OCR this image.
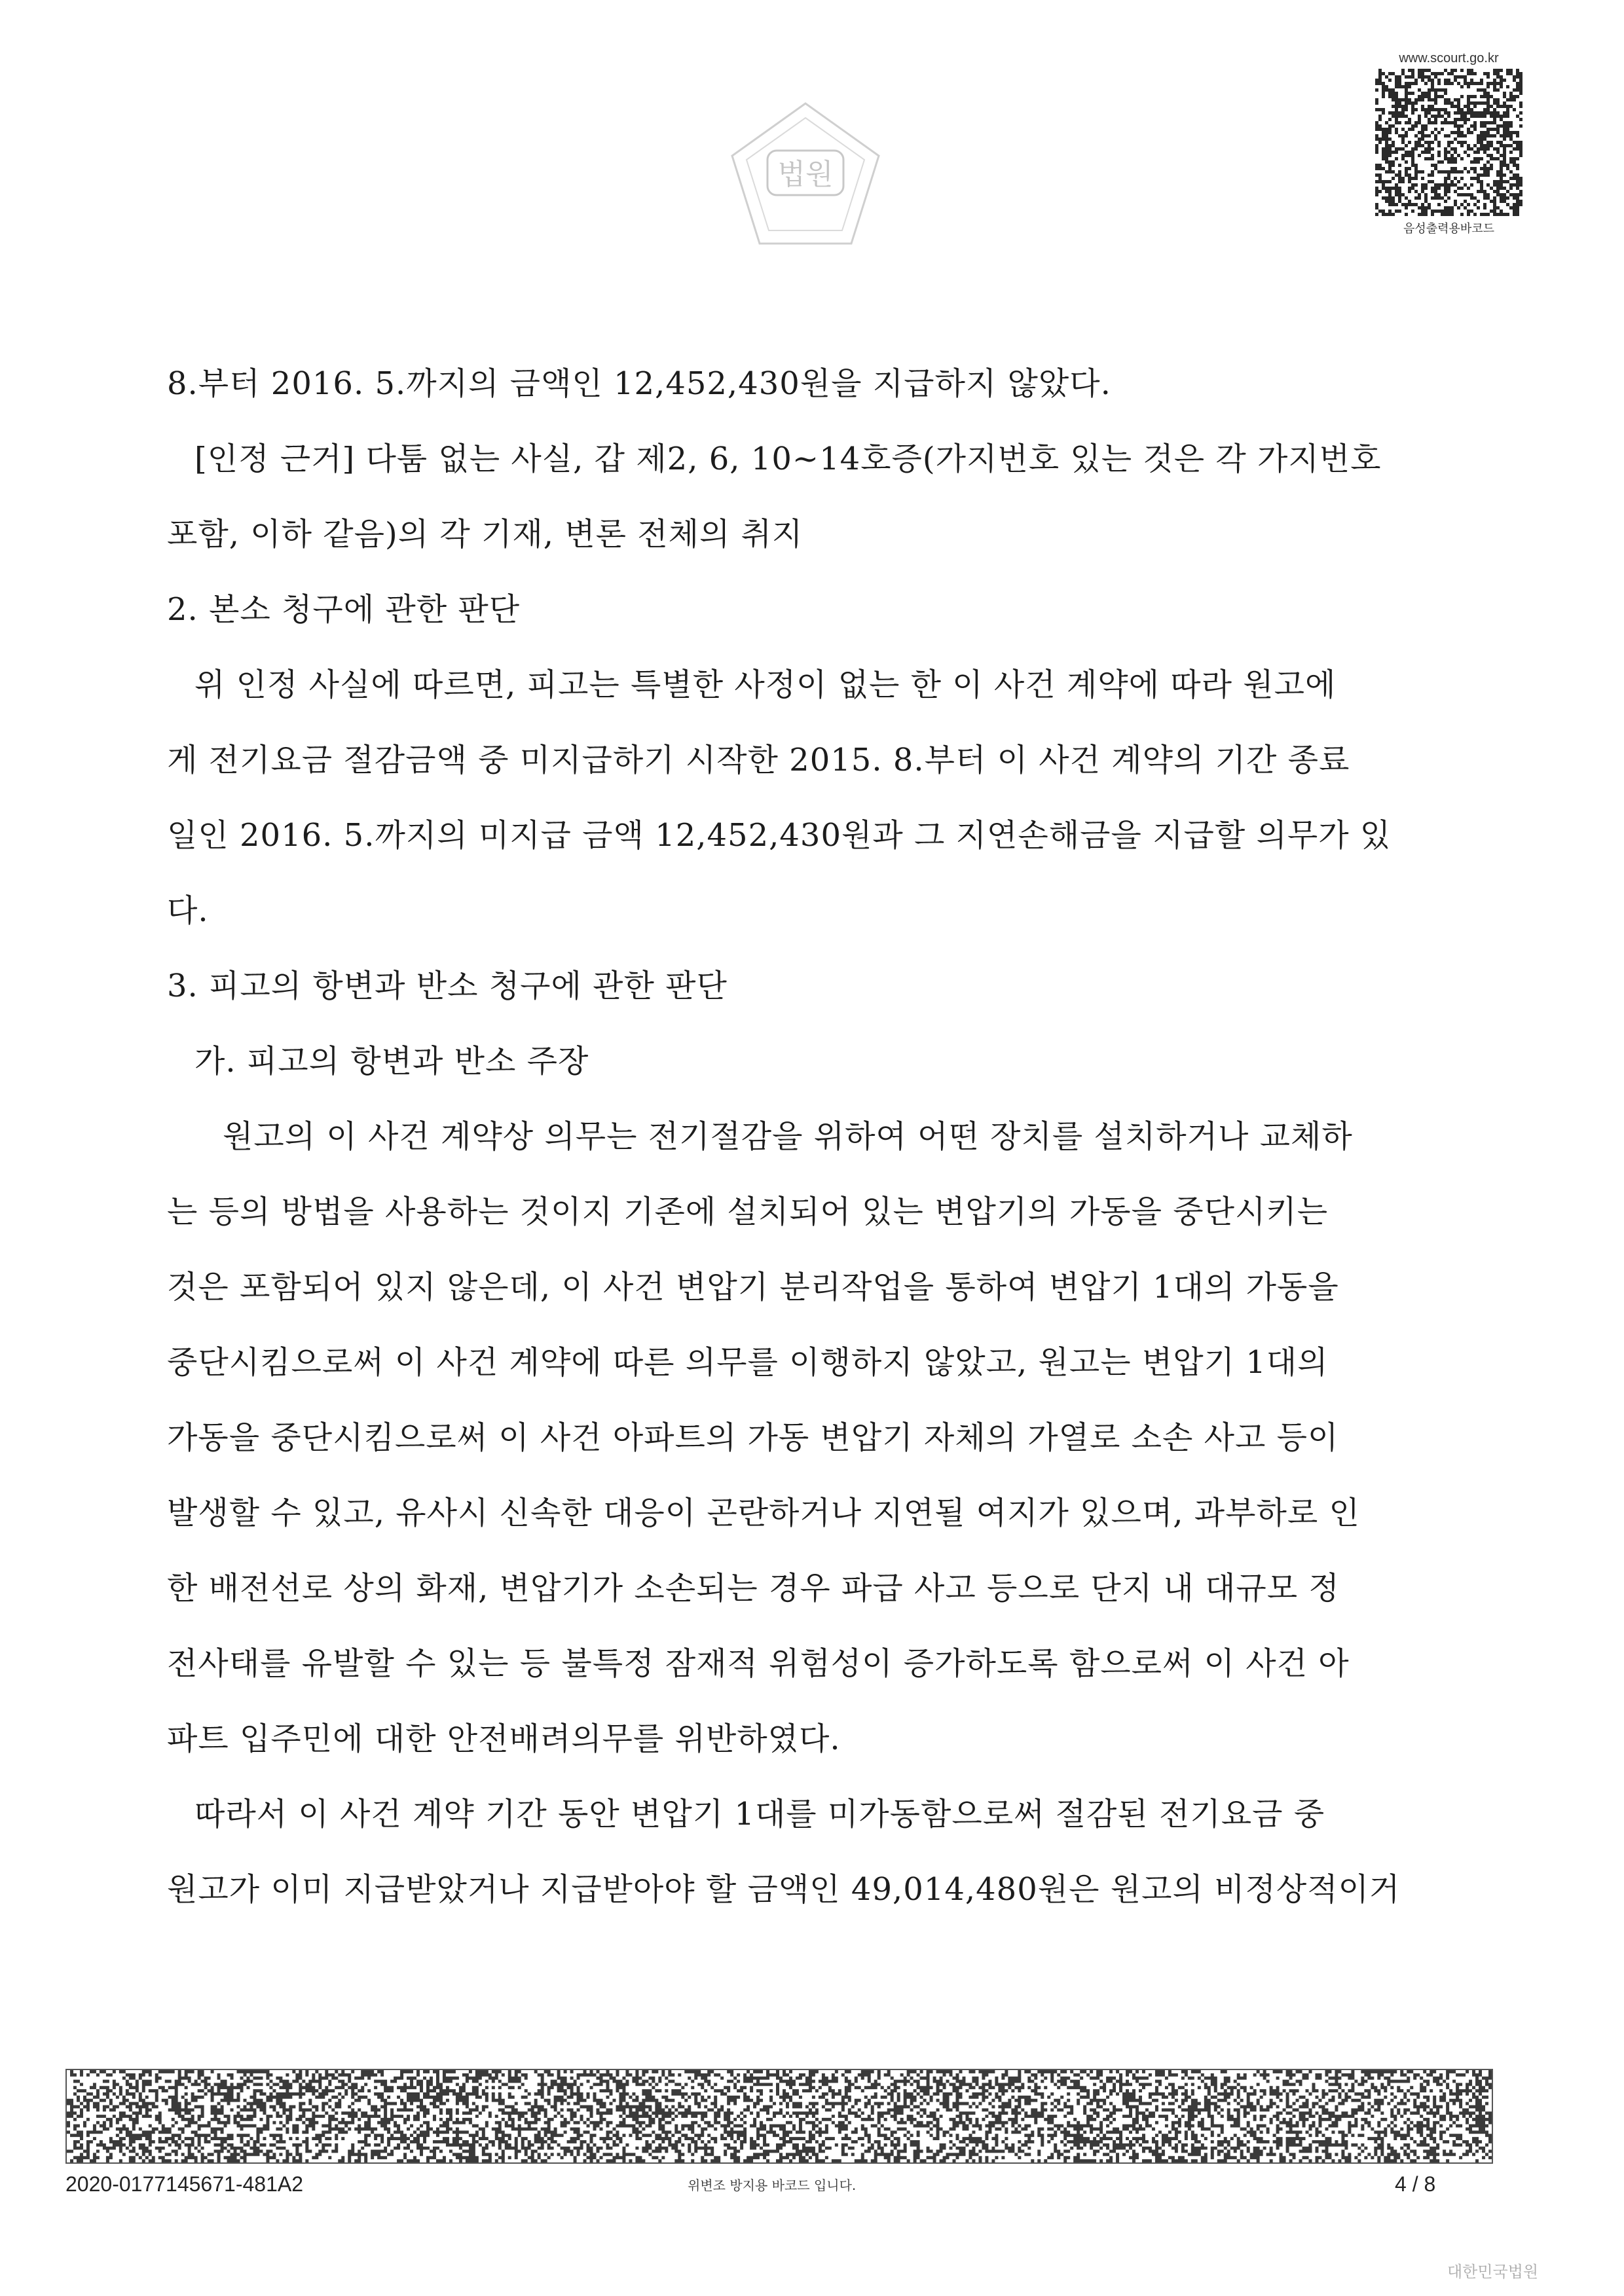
법원
www.scourt.go.kr
음성출력용바코드
8.부터 2016. 5.까지의 금액인 12,452,430원을 지급하지 않았다.
[인정 근거] 다툼 없는 사실, 갑 제2, 6, 10~14호증(가지번호 있는 것은 각 가지번호
포함, 이하 같음)의 각 기재, 변론 전체의 취지
2. 본소 청구에 관한 판단
위 인정 사실에 따르면, 피고는 특별한 사정이 없는 한 이 사건 계약에 따라 원고에
게 전기요금 절감금액 중 미지급하기 시작한 2015. 8.부터 이 사건 계약의 기간 종료
일인 2016. 5.까지의 미지급 금액 12,452,430원과 그 지연손해금을 지급할 의무가 있
다.
3. 피고의 항변과 반소 청구에 관한 판단
가. 피고의 항변과 반소 주장
원고의 이 사건 계약상 의무는 전기절감을 위하여 어떤 장치를 설치하거나 교체하
는 등의 방법을 사용하는 것이지 기존에 설치되어 있는 변압기의 가동을 중단시키는
것은 포함되어 있지 않은데, 이 사건 변압기 분리작업을 통하여 변압기 1대의 가동을
중단시킴으로써 이 사건 계약에 따른 의무를 이행하지 않았고, 원고는 변압기 1대의
가동을 중단시킴으로써 이 사건 아파트의 가동 변압기 자체의 가열로 소손 사고 등이
발생할 수 있고, 유사시 신속한 대응이 곤란하거나 지연될 여지가 있으며, 과부하로 인
한 배전선로 상의 화재, 변압기가 소손되는 경우 파급 사고 등으로 단지 내 대규모 정
전사태를 유발할 수 있는 등 불특정 잠재적 위험성이 증가하도록 함으로써 이 사건 아
파트 입주민에 대한 안전배려의무를 위반하였다.
따라서 이 사건 계약 기간 동안 변압기 1대를 미가동함으로써 절감된 전기요금 중
원고가 이미 지급받았거나 지급받아야 할 금액인 49,014,480원은 원고의 비정상적이거
2020-0177145671-481A2	위변조 방지용 바코드 입니다.	4 / 8
대한민국법원
